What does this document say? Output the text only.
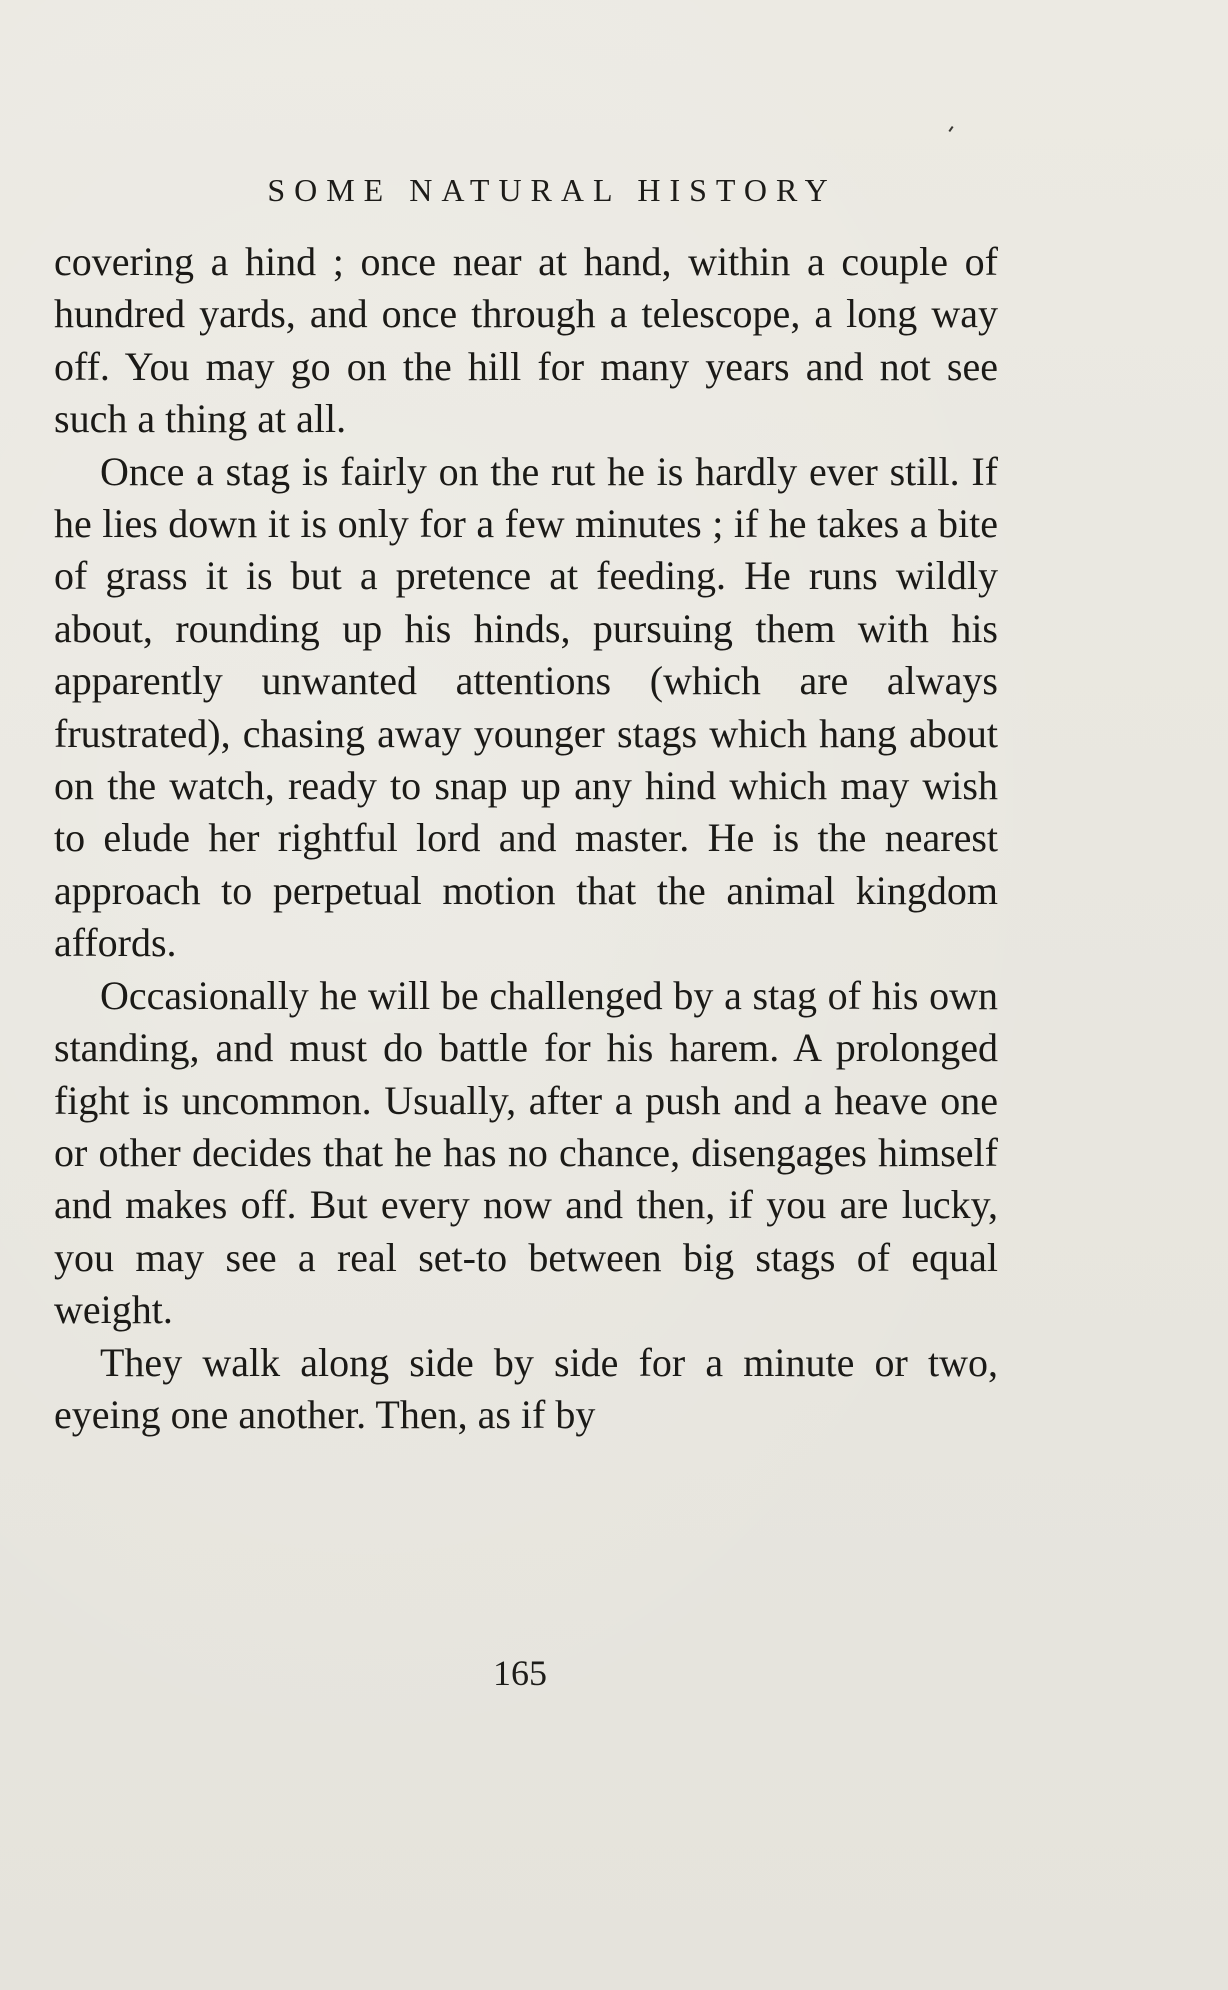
SOME NATURAL HISTORY

covering a hind ; once near at hand, within a couple of hundred yards, and once through a telescope, a long way off. You may go on the hill for many years and not see such a thing at all.

Once a stag is fairly on the rut he is hardly ever still. If he lies down it is only for a few minutes ; if he takes a bite of grass it is but a pretence at feeding. He runs wildly about, rounding up his hinds, pursuing them with his apparently unwanted attentions (which are always frustrated), chasing away younger stags which hang about on the watch, ready to snap up any hind which may wish to elude her rightful lord and master. He is the nearest approach to perpetual motion that the animal kingdom affords.

Occasionally he will be challenged by a stag of his own standing, and must do battle for his harem. A prolonged fight is uncommon. Usually, after a push and a heave one or other decides that he has no chance, disengages himself and makes off. But every now and then, if you are lucky, you may see a real set-to between big stags of equal weight.

They walk along side by side for a minute or two, eyeing one another. Then, as if by

165
